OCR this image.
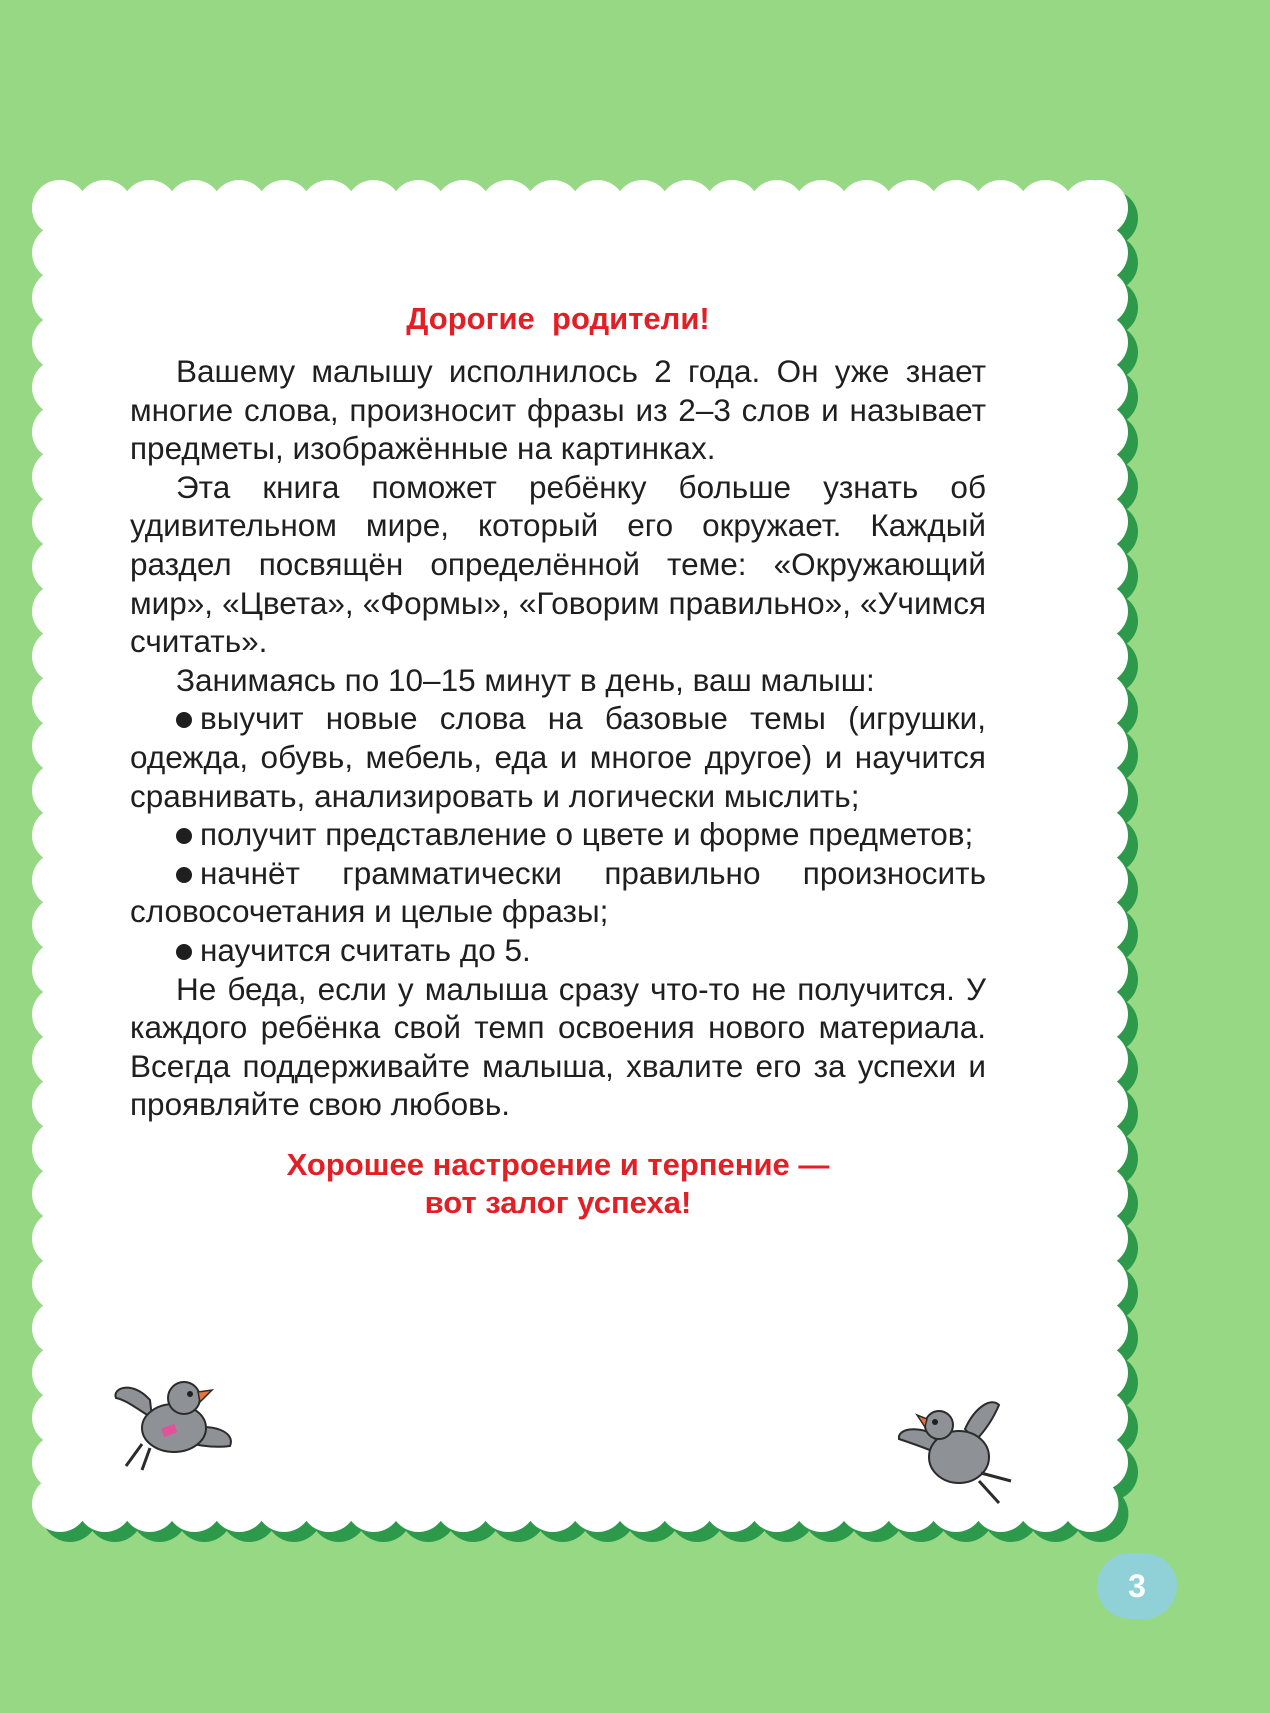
Дорогие  родители!

Вашему малышу исполнилось 2 года. Он уже знает многие слова, произносит фразы из 2–3 слов и называет предметы, изображённые на картинках.

Эта книга поможет ребёнку больше узнать об удивительном мире, который его окружает. Каждый раздел посвящён определённой теме: «Окружающий мир», «Цвета», «Формы», «Говорим правильно», «Учимся считать».

Занимаясь по 10–15 минут в день, ваш малыш:

выучит новые слова на базовые темы (игрушки, одежда, обувь, мебель, еда и многое другое) и научится сравнивать, анализировать и логически мыслить;

получит представление о цвете и форме предметов;

начнёт грамматически правильно произносить словосочетания и целые фразы;

научится считать до 5.

Не беда, если у малыша сразу что-то не получится. У каждого ребёнка свой темп освоения нового материала. Всегда поддерживайте малыша, хвалите его за успехи и проявляйте свою любовь.

Хорошее настроение и терпение —
вот залог успеха!
3
